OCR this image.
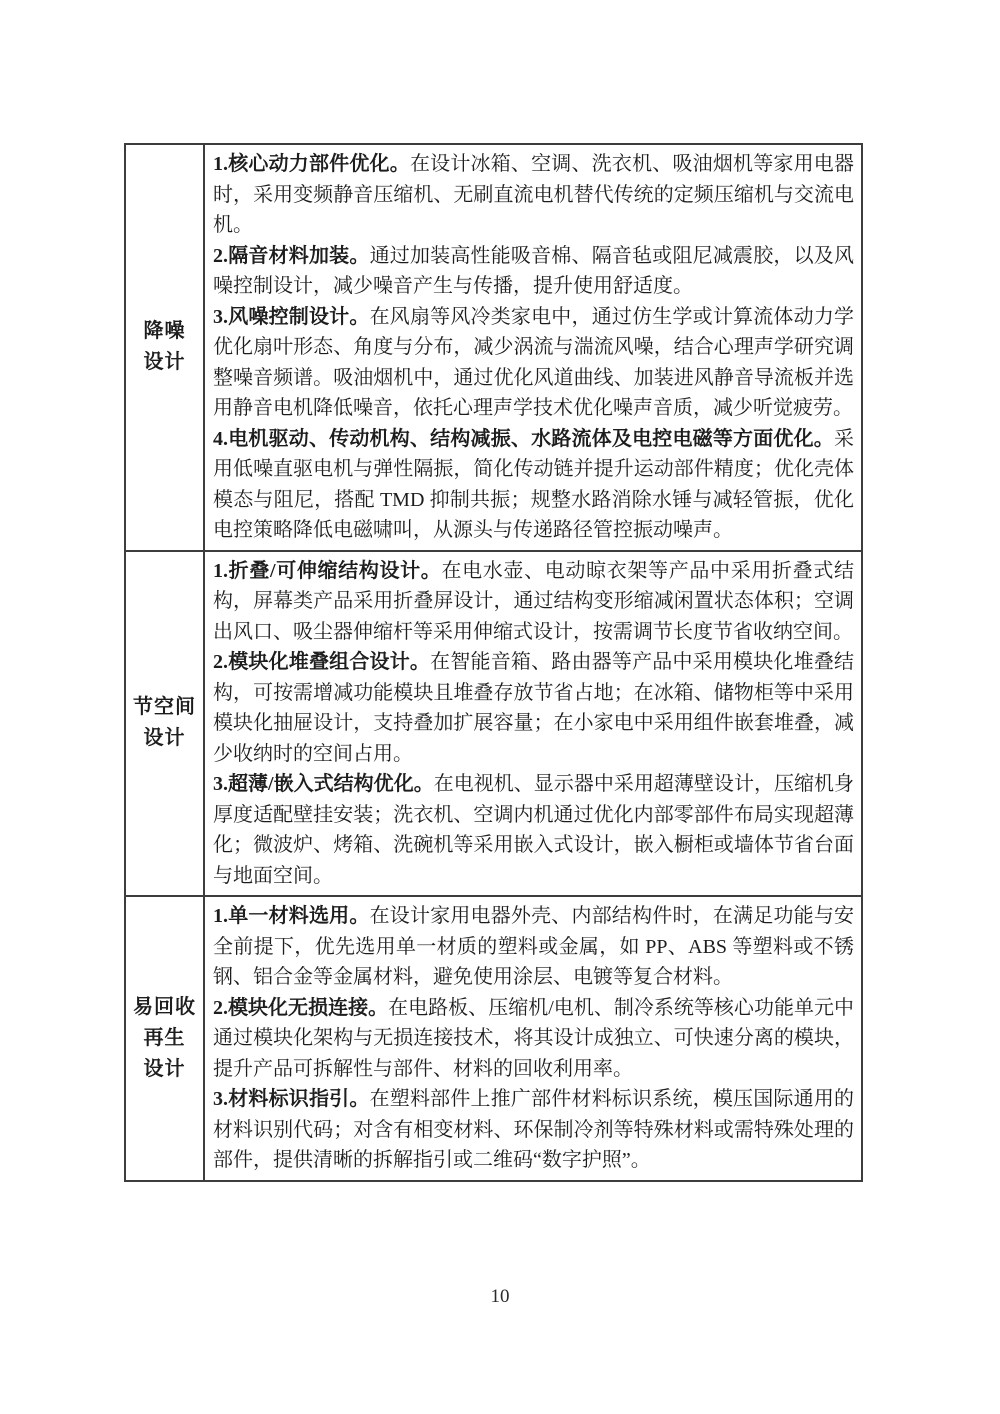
降噪
设计

1.核心动力部件优化。在设计冰箱、空调、洗衣机、吸油烟机等家用电器时，采用变频静音压缩机、无刷直流电机替代传统的定频压缩机与交流电机。

2.隔音材料加装。通过加装高性能吸音棉、隔音毡或阻尼减震胶，以及风噪控制设计，减少噪音产生与传播，提升使用舒适度。

3.风噪控制设计。在风扇等风冷类家电中，通过仿生学或计算流体动力学优化扇叶形态、角度与分布，减少涡流与湍流风噪，结合心理声学研究调整噪音频谱。吸油烟机中，通过优化风道曲线、加装进风静音导流板并选用静音电机降低噪音，依托心理声学技术优化噪声音质，减少听觉疲劳。

4.电机驱动、传动机构、结构减振、水路流体及电控电磁等方面优化。采用低噪直驱电机与弹性隔振，简化传动链并提升运动部件精度；优化壳体模态与阻尼，搭配 TMD 抑制共振；规整水路消除水锤与减轻管振，优化电控策略降低电磁啸叫，从源头与传递路径管控振动噪声。

节空间
设计

1.折叠/可伸缩结构设计。在电水壶、电动晾衣架等产品中采用折叠式结构，屏幕类产品采用折叠屏设计，通过结构变形缩减闲置状态体积；空调出风口、吸尘器伸缩杆等采用伸缩式设计，按需调节长度节省收纳空间。

2.模块化堆叠组合设计。在智能音箱、路由器等产品中采用模块化堆叠结构，可按需增减功能模块且堆叠存放节省占地；在冰箱、储物柜等中采用模块化抽屉设计，支持叠加扩展容量；在小家电中采用组件嵌套堆叠，减少收纳时的空间占用。

3.超薄/嵌入式结构优化。在电视机、显示器中采用超薄壁设计，压缩机身厚度适配壁挂安装；洗衣机、空调内机通过优化内部零部件布局实现超薄化；微波炉、烤箱、洗碗机等采用嵌入式设计，嵌入橱柜或墙体节省台面与地面空间。

易回收
再生
设计

1.单一材料选用。在设计家用电器外壳、内部结构件时，在满足功能与安全前提下，优先选用单一材质的塑料或金属，如 PP、ABS 等塑料或不锈钢、铝合金等金属材料，避免使用涂层、电镀等复合材料。

2.模块化无损连接。在电路板、压缩机/电机、制冷系统等核心功能单元中通过模块化架构与无损连接技术，将其设计成独立、可快速分离的模块，提升产品可拆解性与部件、材料的回收利用率。

3.材料标识指引。在塑料部件上推广部件材料标识系统，模压国际通用的材料识别代码；对含有相变材料、环保制冷剂等特殊材料或需特殊处理的部件，提供清晰的拆解指引或二维码“数字护照”。

10
